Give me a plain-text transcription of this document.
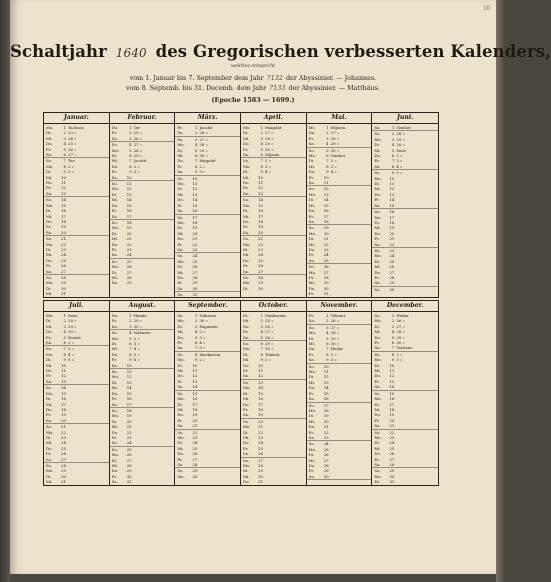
10
Schaltjahr 1640 des Gregorischen verbesserten Kalenders,
welches entspricht
vom 1. Januar bis 7. September dem Jahr 7132 der Abyssinier. — Johannes.
vom 8. Septemb. bis 31. Decemb. dem Jahr 7133 der Abyssinier. — Matthäus.
(Epoche 1583 — 1699.)
Januar.
Mo.	1 Tachsas
Di.	2 23 »
Mi.	3 24 »
Do.	4 25 »
Fr.	5 26 »
Sa.	6 27 »
So.	7 Ter
Mo.	8 2 »
Di.	9 3 »
Mi.	10
Do.	11
Fr.	12
Sa.	13
So.	14
Mo.	15
Di.	16
Mi.	17
Do.	18
Fr.	19
Sa.	20
So.	21
Mo.	22
Di.	23
Mi.	24
Do.	25
Fr.	26
Sa.	27
So.	28
Mo.	29
Di.	30
Mi.	31
Februar.
Do.	1 Ter
Fr.	2 25 »
Sa.	3 26 »
So.	4 27 »
Mo.	5 28 »
Di.	6 29 »
Mi.	7 Jacatit
Do.	8 2 »
Fr.	9 3 »
Sa.	10
So.	11
Mo.	12
Di.	13
Mi.	14
Do.	15
Fr.	16
Sa.	17
So.	18
Mo.	19
Di.	20
Mi.	21
Do.	22
Fr.	23
Sa.	24
So.	25
Mo.	26
Di.	27
Mi.	28
Do.	29
März.
Fr.	1 Jacatit
Sa.	2 26 »
So.	3 27 »
Mo.	4 28 »
Di.	5 29 »
Mi.	6 30 »
Do.	7 Magabit
Fr.	8 2 »
Sa.	9 3 »
So.	10
Mo.	11
Di.	12
Mi.	13
Do.	14
Fr.	15
Sa.	16
So.	17
Mo.	18
Di.	19
Mi.	20
Do.	21
Fr.	22
Sa.	23
So.	24
Mo.	25
Di.	26
Mi.	27
Do.	28
Fr.	29
Sa.	30
So.	31
April.
Mo.	1 Magabit
Di.	2 27 »
Mi.	3 28 »
Do.	4 29 »
Fr.	5 30 »
Sa.	6 Mijazia
So.	7 2 »
Mo.	8 3 »
Di.	9 4 »
Mi.	10
Do.	11
Fr.	12
Sa.	13
So.	14
Mo.	15
Di.	16
Mi.	17
Do.	18
Fr.	19
Sa.	20
So.	21
Mo.	22
Di.	23
Mi.	24
Do.	25
Fr.	26
Sa.	27
So.	28
Mo.	29
Di.	30
Mai.
Mi.	1 Mijazia
Do.	2 27 »
Fr.	3 28 »
Sa.	4 29 »
So.	5 30 »
Mo.	6 Gimbot
Di.	7 2 »
Mi.	8 3 »
Do.	9 4 »
Fr.	10
Sa.	11
So.	12
Mo.	13
Di.	14
Mi.	15
Do.	16
Fr.	17
Sa.	18
So.	19
Mo.	20
Di.	21
Mi.	22
Do.	23
Fr.	24
Sa.	25
So.	26
Mo.	27
Di.	28
Mi.	29
Do.	30
Fr.	31
Juni.
Sa.	1 Gimbot
So.	2 28 »
Mo.	3 29 »
Di.	4 30 »
Mi.	5 Sene
Do.	6 2 »
Fr.	7 3 »
Sa.	8 4 »
So.	9 5 »
Mo.	10
Di.	11
Mi.	12
Do.	13
Fr.	14
Sa.	15
So.	16
Mo.	17
Di.	18
Mi.	19
Do.	20
Fr.	21
Sa.	22
So.	23
Mo.	24
Di.	25
Mi.	26
Do.	27
Fr.	28
Sa.	29
So.	30
Juli.
Mo.	1 Sene
Di.	2 28 »
Mi.	3 29 »
Do.	4 30 »
Fr.	5 Hamle
Sa.	6 2 »
So.	7 3 »
Mo.	8 4 »
Di.	9 5 »
Mi.	10
Do.	11
Fr.	12
Sa.	13
So.	14
Mo.	15
Di.	16
Mi.	17
Do.	18
Fr.	19
Sa.	20
So.	21
Mo.	22
Di.	23
Mi.	24
Do.	25
Fr.	26
Sa.	27
So.	28
Mo.	29
Di.	30
Mi.	31
August.
Do.	1 Hamle
Fr.	2 29 »
Sa.	3 30 »
So.	4 Nahasse
Mo.	5 2 »
Di.	6 3 »
Mi.	7 4 »
Do.	8 5 »
Fr.	9 6 »
Sa.	10
So.	11
Mo.	12
Di.	13
Mi.	14
Do.	15
Fr.	16
Sa.	17
So.	18
Mo.	19
Di.	20
Mi.	21
Do.	22
Fr.	23
Sa.	24
So.	25
Mo.	26
Di.	27
Mi.	28
Do.	29
Fr.	30
Sa.	31
September.
So.	1 Nahasse
Mo.	2 30 »
Di.	3 Pagumen
Mi.	4 2 »
Do.	5 3 »
Fr.	6 4 »
Sa.	7 5 »
So.	8 Maskarem
Mo.	9 2 »
Di.	10
Mi.	11
Do.	12
Fr.	13
Sa.	14
So.	15
Mo.	16
Di.	17
Mi.	18
Do.	19
Fr.	20
Sa.	21
So.	22
Mo.	23
Di.	24
Mi.	25
Do.	26
Fr.	27
Sa.	28
So.	29
Mo.	30
October.
Di.	1 Maskarem
Mi.	2 25 »
Do.	3 26 »
Fr.	4 27 »
Sa.	5 28 »
So.	6 29 »
Mo.	7 30 »
Di.	8 Tekemt
Mi.	9 2 »
Do.	10
Fr.	11
Sa.	12
So.	13
Mo.	14
Di.	15
Mi.	16
Do.	17
Fr.	18
Sa.	19
So.	20
Mo.	21
Di.	22
Mi.	23
Do.	24
Fr.	25
Sa.	26
So.	27
Mo.	28
Di.	29
Mi.	30
Do.	31
November.
Fr.	1 Tekemt
Sa.	2 26 »
So.	3 27 »
Mo.	4 28 »
Di.	5 29 »
Mi.	6 30 »
Do.	7 Hedar
Fr.	8 2 »
Sa.	9 3 »
So.	10
Mo.	11
Di.	12
Mi.	13
Do.	14
Fr.	15
Sa.	16
So.	17
Mo.	18
Di.	19
Mi.	20
Do.	21
Fr.	22
Sa.	23
So.	24
Mo.	25
Di.	26
Mi.	27
Do.	28
Fr.	29
Sa.	30
December.
So.	1 Hedar
Mo.	2 26 »
Di.	3 27 »
Mi.	4 28 »
Do.	5 29 »
Fr.	6 30 »
Sa.	7 Tachsas
So.	8 2 »
Mo.	9 3 »
Di.	10
Mi.	11
Do.	12
Fr.	13
Sa.	14
So.	15
Mo.	16
Di.	17
Mi.	18
Do.	19
Fr.	20
Sa.	21
So.	22
Mo.	23
Di.	24
Mi.	25
Do.	26
Fr.	27
Sa.	28
So.	29
Mo.	30
Di.	31
